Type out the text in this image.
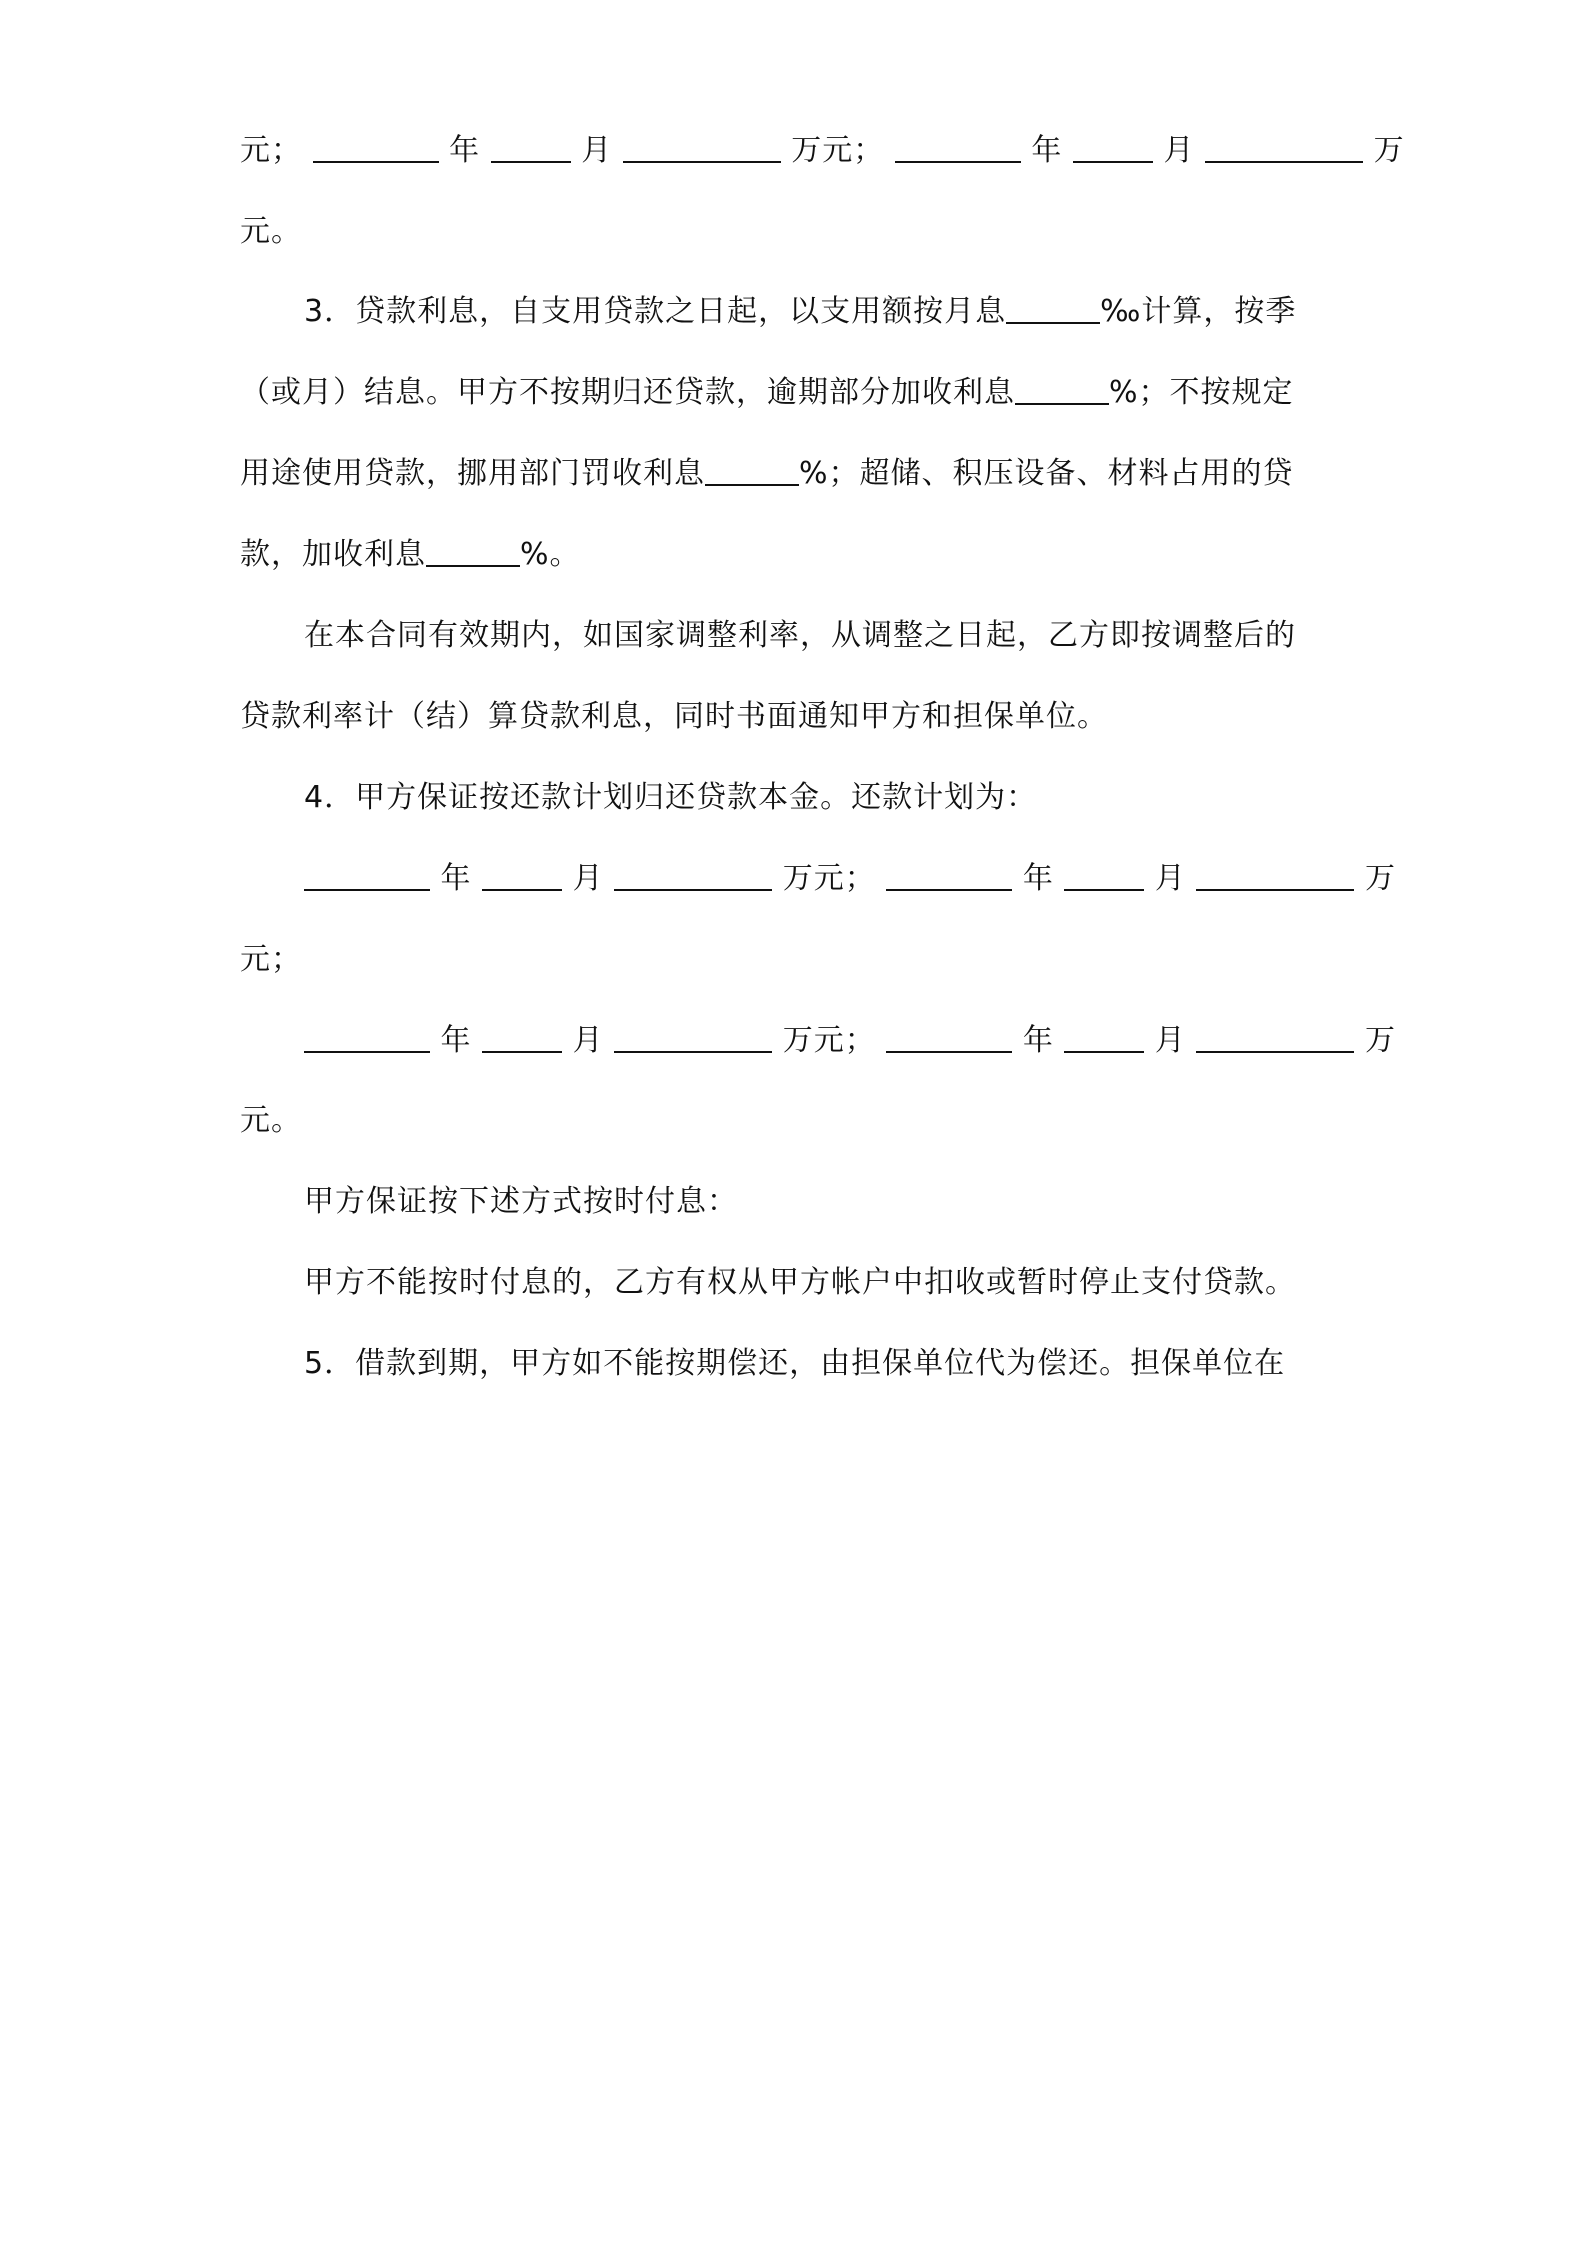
元；	年	月	万元；	年	月	万
元。
3．贷款利息，自支用贷款之日起，以支用额按月息	‰计算，按季
（或月）结息。甲方不按期归还贷款，逾期部分加收利息	%；不按规定
用途使用贷款，挪用部门罚收利息	%；超储、积压设备、材料占用的贷
款，加收利息	%。
在本合同有效期内，如国家调整利率，从调整之日起，乙方即按调整后的
贷款利率计（结）算贷款利息，同时书面通知甲方和担保单位。
4．甲方保证按还款计划归还贷款本金。还款计划为：
年	月	万元；	年	月	万
元；
年	月	万元；	年	月	万
元。
甲方保证按下述方式按时付息：
甲方不能按时付息的，乙方有权从甲方帐户中扣收或暂时停止支付贷款。
5．借款到期，甲方如不能按期偿还，由担保单位代为偿还。担保单位在
